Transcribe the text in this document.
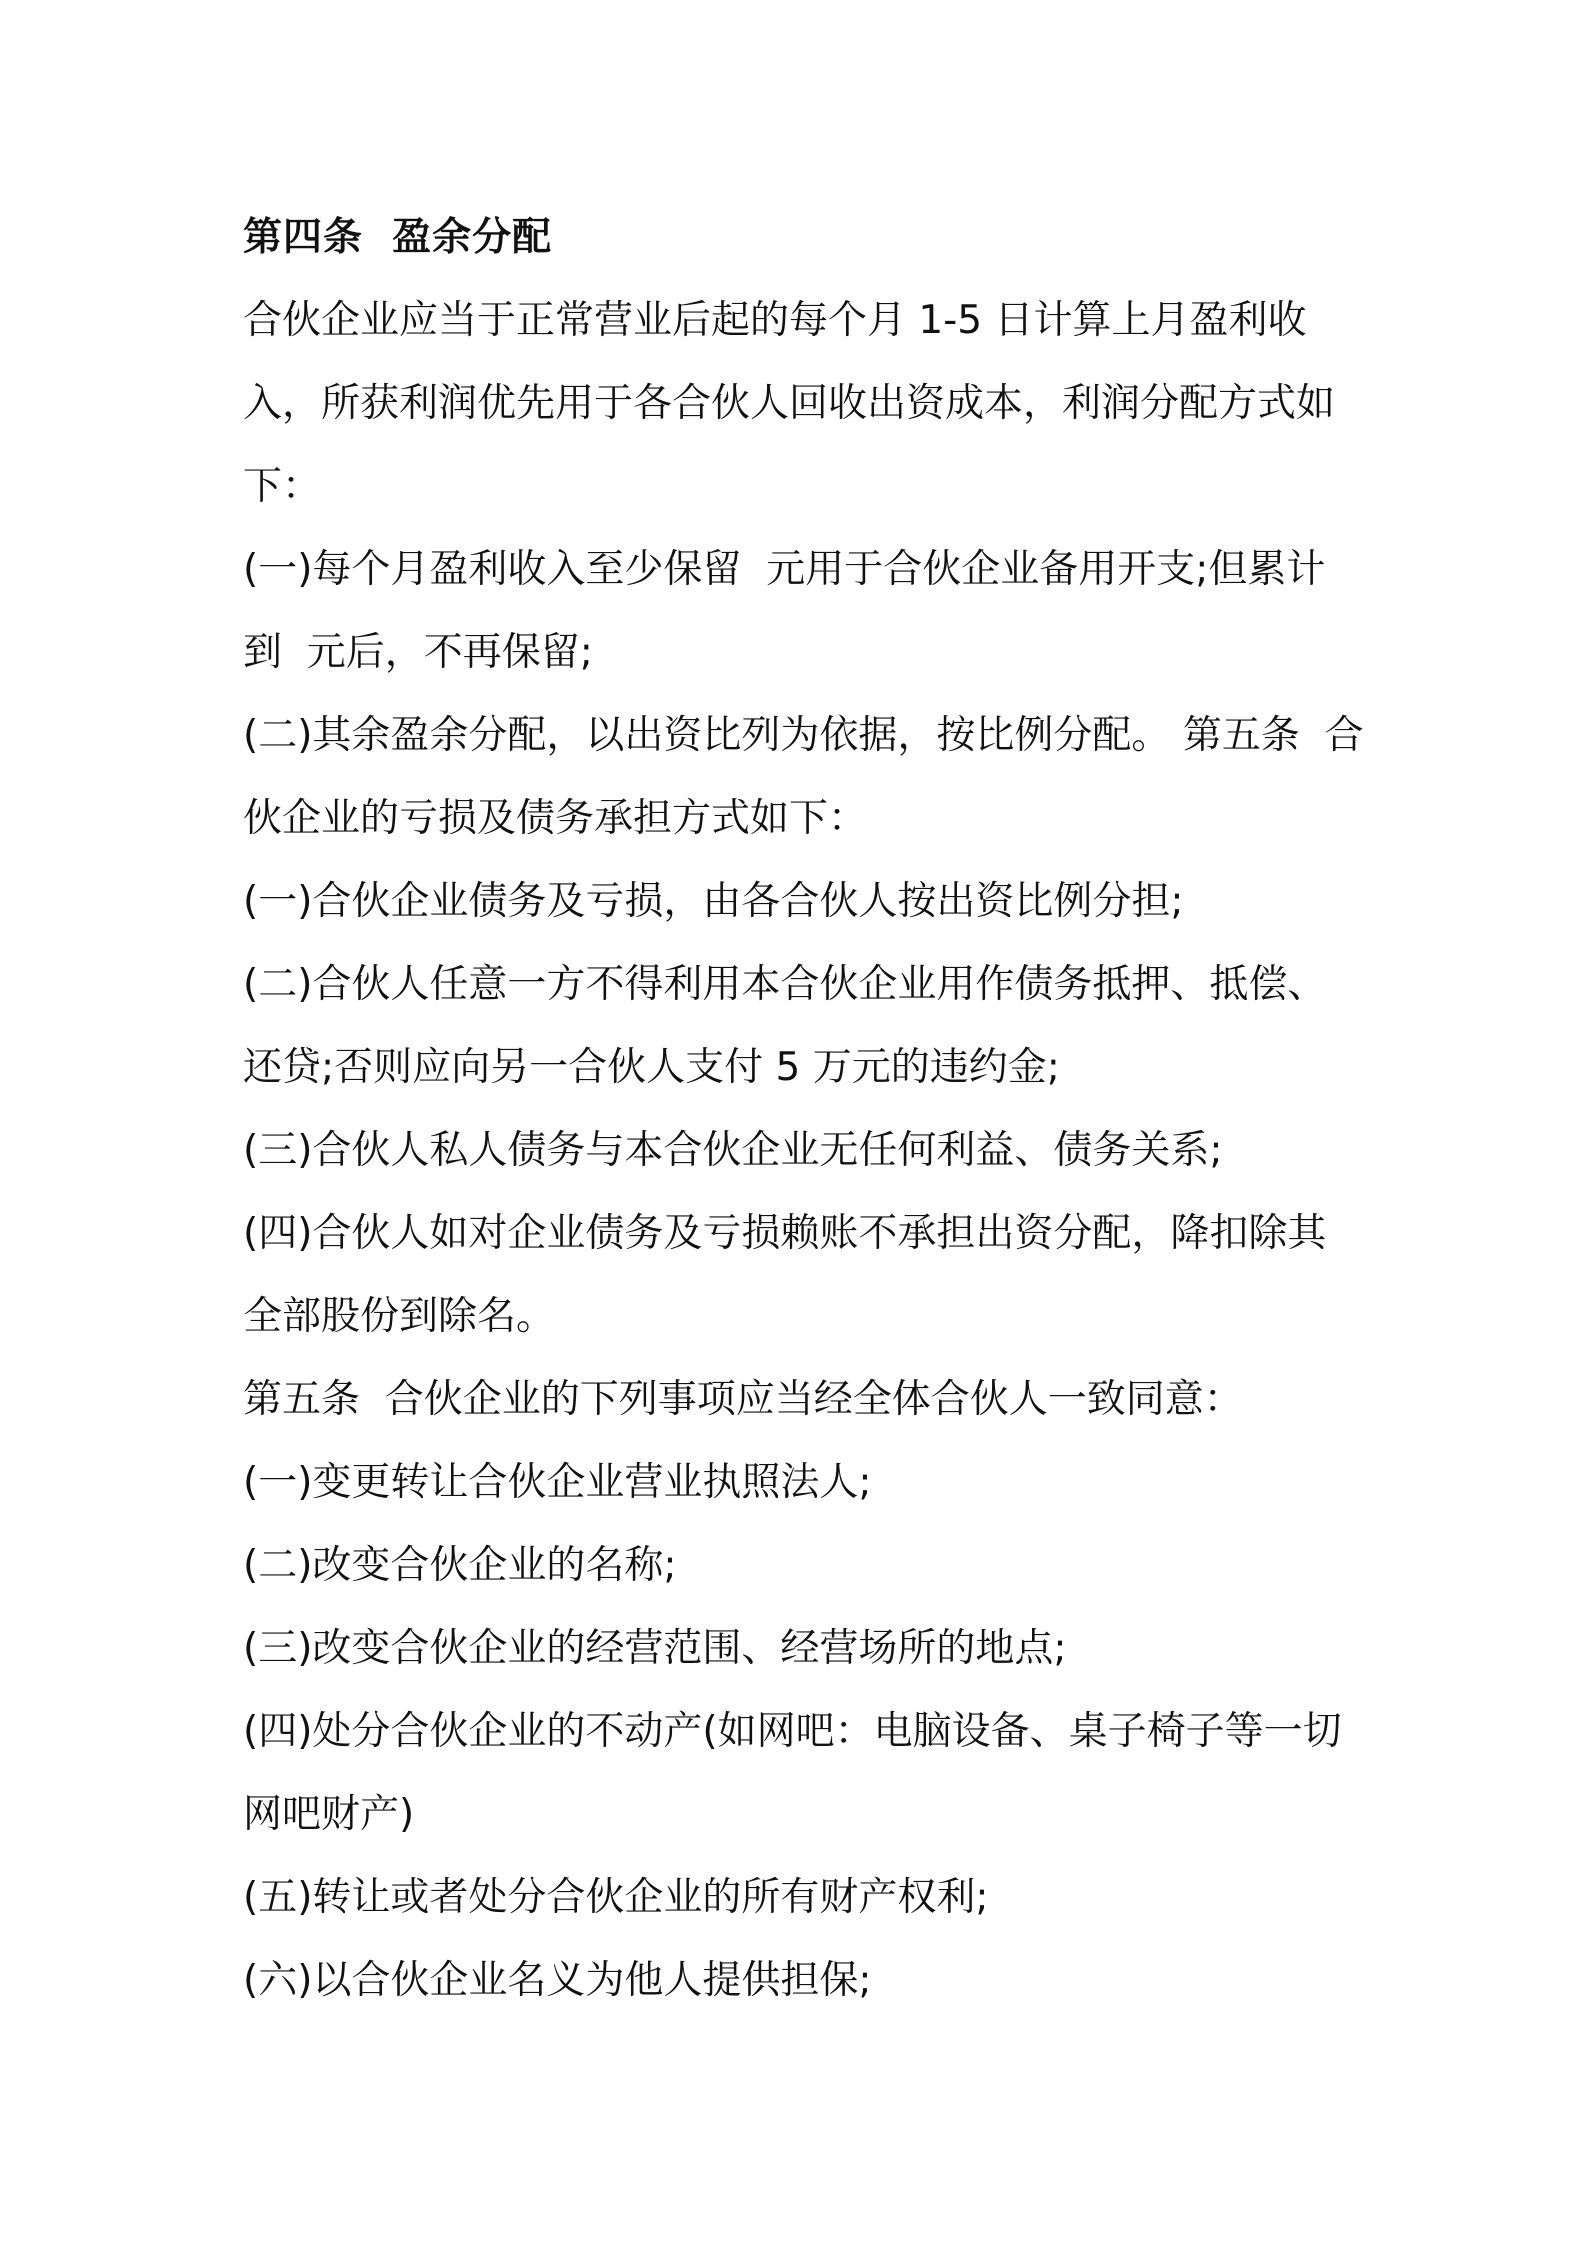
第四条  盈余分配
合伙企业应当于正常营业后起的每个月 1-5 日计算上月盈利收
入，所获利润优先用于各合伙人回收出资成本，利润分配方式如
下：
(一)每个月盈利收入至少保留  元用于合伙企业备用开支;但累计
到  元后，不再保留;
(二)其余盈余分配，以出资比列为依据，按比例分配。 第五条  合
伙企业的亏损及债务承担方式如下：
(一)合伙企业债务及亏损，由各合伙人按出资比例分担;
(二)合伙人任意一方不得利用本合伙企业用作债务抵押、抵偿、
还贷;否则应向另一合伙人支付 5 万元的违约金;
(三)合伙人私人债务与本合伙企业无任何利益、债务关系;
(四)合伙人如对企业债务及亏损赖账不承担出资分配，降扣除其
全部股份到除名。
第五条  合伙企业的下列事项应当经全体合伙人一致同意：
(一)变更转让合伙企业营业执照法人;
(二)改变合伙企业的名称;
(三)改变合伙企业的经营范围、经营场所的地点;
(四)处分合伙企业的不动产(如网吧：电脑设备、桌子椅子等一切
网吧财产)
(五)转让或者处分合伙企业的所有财产权利;
(六)以合伙企业名义为他人提供担保;
